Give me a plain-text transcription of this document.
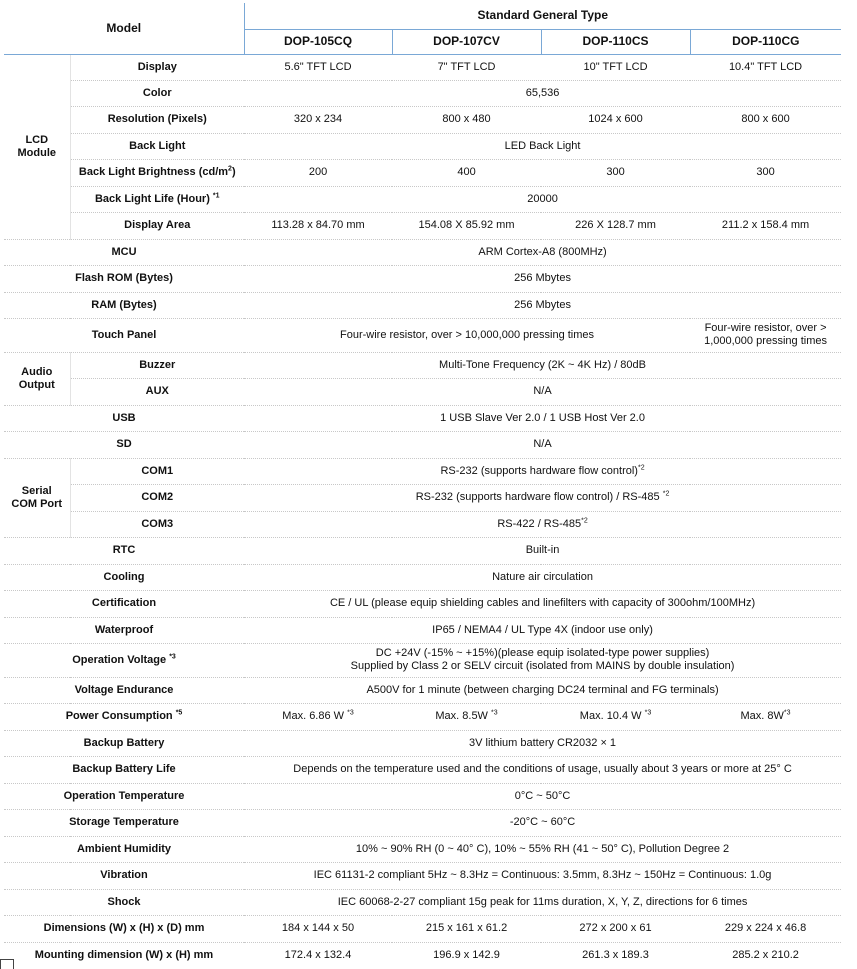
Model		Standard General Type			
		DOP-105CQ	DOP-107CV	DOP-110CS	DOP-110CG
LCD
Module	Display	5.6" TFT LCD	7" TFT LCD	10" TFT LCD	10.4" TFT LCD
	Color	65,536			
	Resolution (Pixels)	320 x 234	800 x 480	1024 x 600	800 x 600
	Back Light	LED Back Light			
	Back Light Brightness $(cd/m^2)$	200	400	300	300
	Back Light Life (Hour) $^{*1}$	20000			
	Display Area	113.28 x 84.70 mm	154.08 X 85.92 mm	226 X 128.7 mm	211.2 x 158.4 mm
MCU		ARM Cortex-A8 (800MHz)			
Flash ROM (Bytes)		256 Mbytes			
RAM (Bytes)		256 Mbytes			
Touch Panel		Four-wire resistor, over > 10,000,000 pressing times			Four-wire resistor, over > 1,000,000 pressing times
Audio
Output	Buzzer	Multi-Tone Frequency (2K ~ 4K Hz) / 80dB			
	AUX	N/A			
USB		1 USB Slave Ver 2.0 / 1 USB Host Ver 2.0			
SD		N/A			
Serial
COM Port	COM1	RS-232 (supports hardware flow control)$^{*2}$
	COM2	RS-232 (supports hardware flow control) / RS-485 $^{*2}$
	COM3	RS-422 / RS-485$^{*2}$
RTC		Built-in			
Cooling		Nature air circulation			
Certification		CE / UL (please equip shielding cables and linefilters with capacity of 300ohm/100MHz)			
Waterproof		IP65 / NEMA4 / UL Type 4X (indoor use only)			
Operation Voltage $^{*3}$		DC +24V (-15% ~ +15%)(please equip isolated-type power supplies)
Supplied by Class 2 or SELV circuit (isolated from MAINS by double insulation)			
Voltage Endurance		A500V for 1 minute (between charging DC24 terminal and FG terminals)			
Power Consumption $^{*5}$		Max. 6.86 W $^{*3}$	Max. 8.5W $^{*3}$	Max. 10.4 W $^{*3}$	Max. $8W^{*3}$
Backup Battery		3V lithium battery CR2032 × 1			
Backup Battery Life		Depends on the temperature used and the conditions of usage, usually about 3 years or more at 25° C			
Operation Temperature		0°C ~ 50°C			
Storage Temperature		-20°C ~ 60°C			
Ambient Humidity		10% ~ 90% RH (0 ~ 40° C), 10% ~ 55% RH (41 ~ 50° C), Pollution Degree 2			
Vibration		IEC 61131-2 compliant 5Hz ~ 8.3Hz = Continuous: 3.5mm, 8.3Hz ~ 150Hz = Continuous: 1.0g			
Shock		IEC 60068-2-27 compliant 15g peak for 11ms duration, X, Y, Z, directions for 6 times			
Dimensions (W) x (H) x (D) mm		184 x 144 x 50	215 x 161 x 61.2	272 x 200 x 61	229 x 224 x 46.8
Mounting dimension (W) x (H) mm		172.4 x 132.4	196.9 x 142.9	261.3 x 189.3	285.2 x 210.2
